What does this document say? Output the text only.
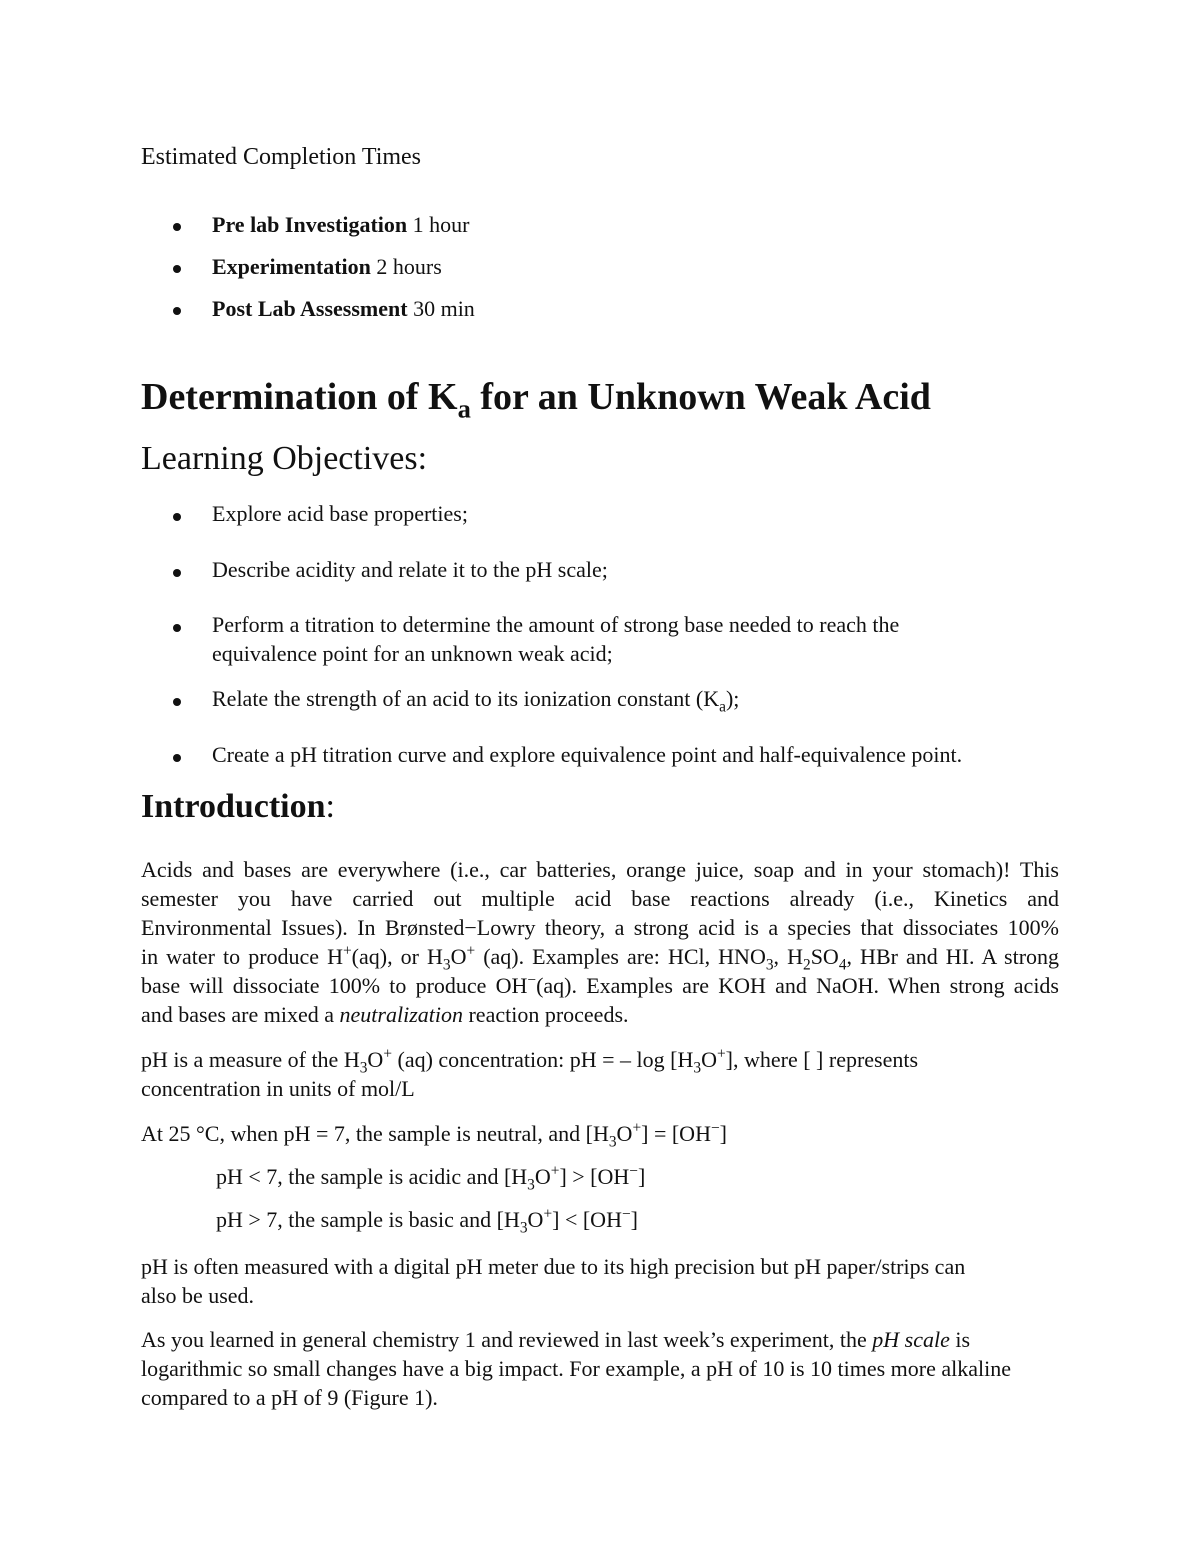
Estimated Completion Times
Pre lab Investigation 1 hour
Experimentation 2 hours
Post Lab Assessment 30 min
Determination of $K_a$ for an Unknown Weak Acid
Learning Objectives:
Explore acid base properties;
Describe acidity and relate it to the pH scale;
Perform a titration to determine the amount of strong base needed to reach the
equivalence point for an unknown weak acid;
Relate the strength of an acid to its ionization constant $(K_a)$;
Create a pH titration curve and explore equivalence point and half-equivalence point.
Introduction:
Acids and bases are everywhere (i.e., car batteries, orange juice, soap and in your stomach)! This
semester you have carried out multiple acid base reactions already (i.e., Kinetics and
Environmental Issues). In Brønsted−Lowry theory, a strong acid is a species that dissociates 100%
in water to produce H+(aq), or $H_3O^+$ (aq). Examples are: HCl, $HNO_3$, $H_2SO_4$, HBr and HI. A strong
base will dissociate 100% to produce OH−(aq). Examples are KOH and NaOH. When strong acids
and bases are mixed a neutralization reaction proceeds.
pH is a measure of the $H_3O^+$ (aq) concentration: pH = – $\log [H_3O^+]$, where [ ] represents
concentration in units of mol/L
At 25 °C, when pH = 7, the sample is neutral, and $[H_3O^+] = [OH^-]$
pH < 7, the sample is acidic and $[H_3O^+] > [OH^-]$
pH > 7, the sample is basic and $[H_3O^+] < [OH^-]$
pH is often measured with a digital pH meter due to its high precision but pH paper/strips can
also be used.
As you learned in general chemistry 1 and reviewed in last week’s experiment, the pH scale is
logarithmic so small changes have a big impact. For example, a pH of 10 is 10 times more alkaline
compared to a pH of 9 (Figure 1).
